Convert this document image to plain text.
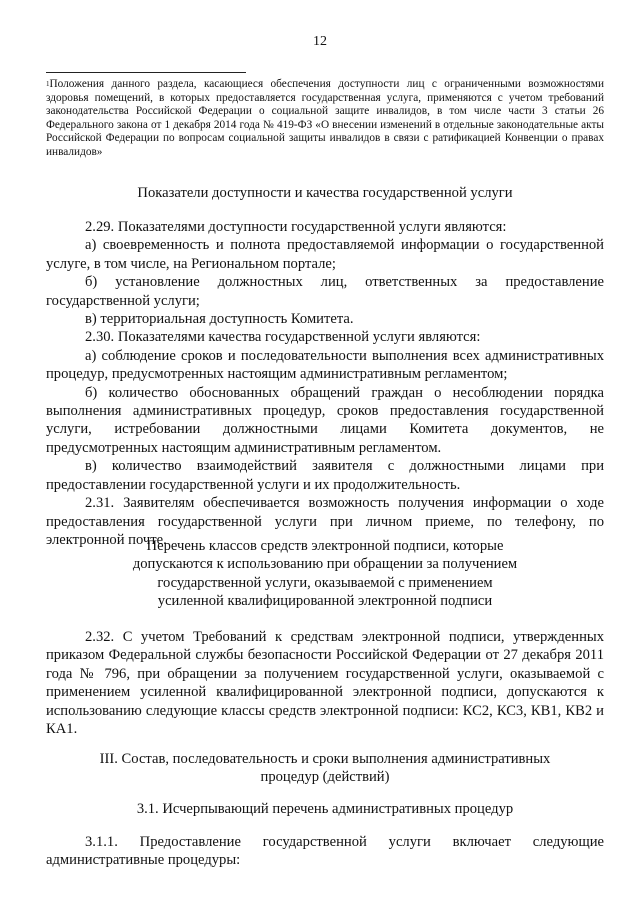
12
$^1$Положения данного раздела, касающиеся обеспечения доступности лиц с ограниченными возможностями здоровья помещений, в которых предоставляется государственная услуга, применяются с учетом требований законодательства Российской Федерации о социальной защите инвалидов, в том числе части 3 статьи 26 Федерального закона от 1 декабря 2014 года № 419-ФЗ «О внесении изменений в отдельные законодательные акты Российской Федерации по вопросам социальной защиты инвалидов в связи с ратификацией Конвенции о правах инвалидов»

Показатели доступности и качества государственной услуги

2.29. Показателями доступности государственной услуги являются:

а) своевременность и полнота предоставляемой информации о государственной услуге, в том числе, на Региональном портале;

б) установление должностных лиц, ответственных за предоставление государственной услуги;

в) территориальная доступность Комитета.

2.30. Показателями качества государственной услуги являются:

а) соблюдение сроков и последовательности выполнения всех административных процедур, предусмотренных настоящим административным регламентом;

б) количество обоснованных обращений граждан о несоблюдении порядка выполнения административных процедур, сроков предоставления государственной услуги, истребовании должностными лицами Комитета документов, не предусмотренных настоящим административным регламентом.

в) количество взаимодействий заявителя с должностными лицами при предоставлении государственной услуги и их продолжительность.

2.31. Заявителям обеспечивается возможность получения информации о ходе предоставления государственной услуги при личном приеме, по телефону, по электронной почте.

Перечень классов средств электронной подписи, которые

допускаются к использованию при обращении за получением

государственной услуги, оказываемой с применением

усиленной квалифицированной электронной подписи

2.32. С учетом Требований к средствам электронной подписи, утвержденных приказом Федеральной службы безопасности Российской Федерации от 27 декабря 2011 года № 796, при обращении за получением государственной услуги, оказываемой с применением усиленной квалифицированной электронной подписи, допускаются к использованию следующие классы средств электронной подписи: КС2, КС3, КВ1, КВ2 и КА1.

III. Состав, последовательность и сроки выполнения административных

процедур (действий)

3.1. Исчерпывающий перечень административных процедур

3.1.1. Предоставление государственной услуги включает следующие административные процедуры:
